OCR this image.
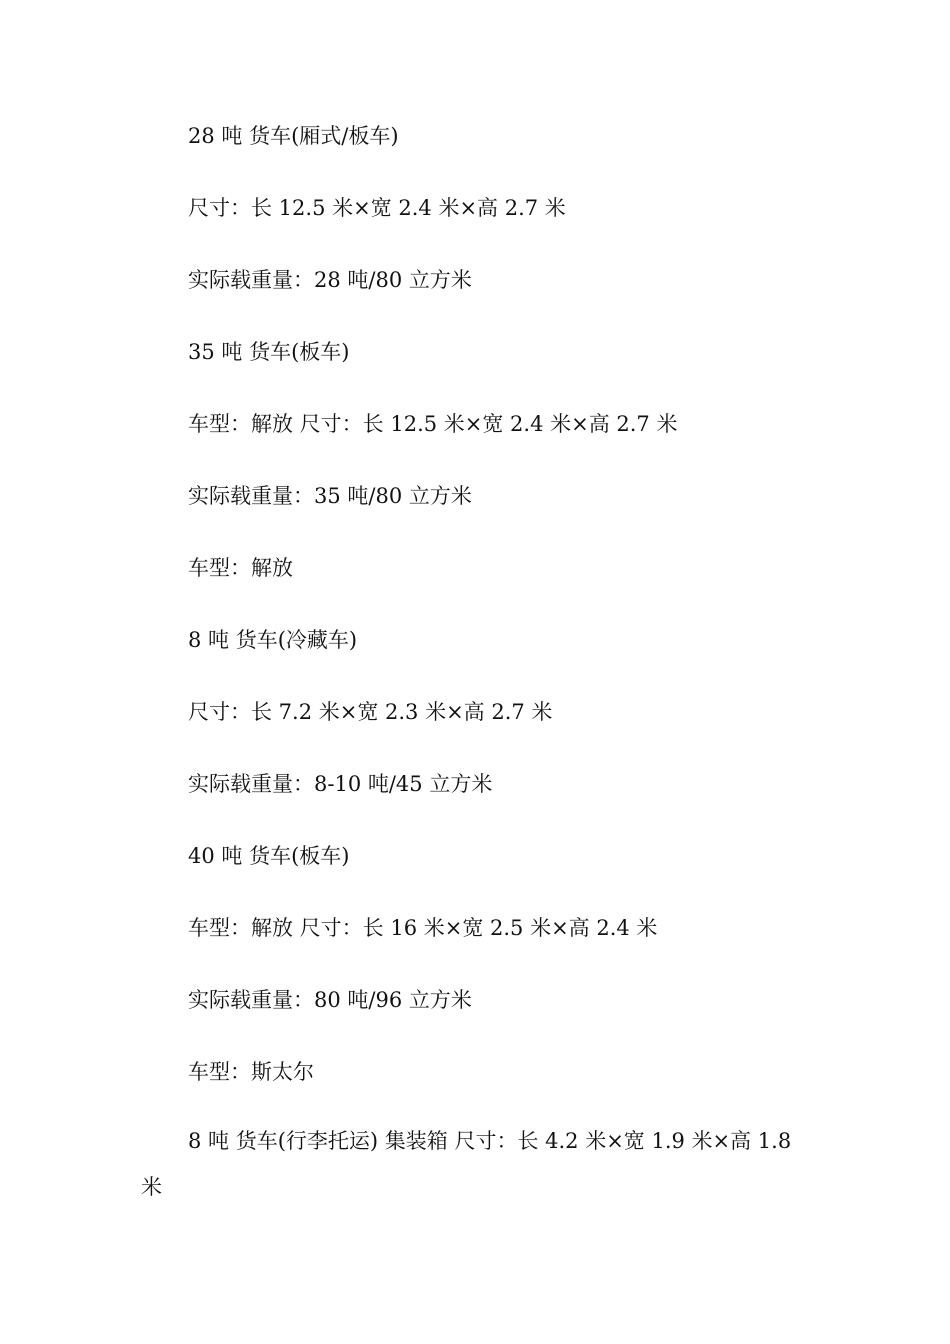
28 吨 货车(厢式/板车)

尺寸：长 12.5 米×宽 2.4 米×高 2.7 米

实际载重量：28 吨/80 立方米

35 吨 货车(板车)

车型：解放 尺寸：长 12.5 米×宽 2.4 米×高 2.7 米

实际载重量：35 吨/80 立方米

车型：解放

8 吨 货车(冷藏车)

尺寸：长 7.2 米×宽 2.3 米×高 2.7 米

实际载重量：8-10 吨/45 立方米

40 吨 货车(板车)

车型：解放 尺寸：长 16 米×宽 2.5 米×高 2.4 米

实际载重量：80 吨/96 立方米

车型：斯太尔

8 吨 货车(行李托运) 集装箱 尺寸：长 4.2 米×宽 1.9 米×高 1.8 米
